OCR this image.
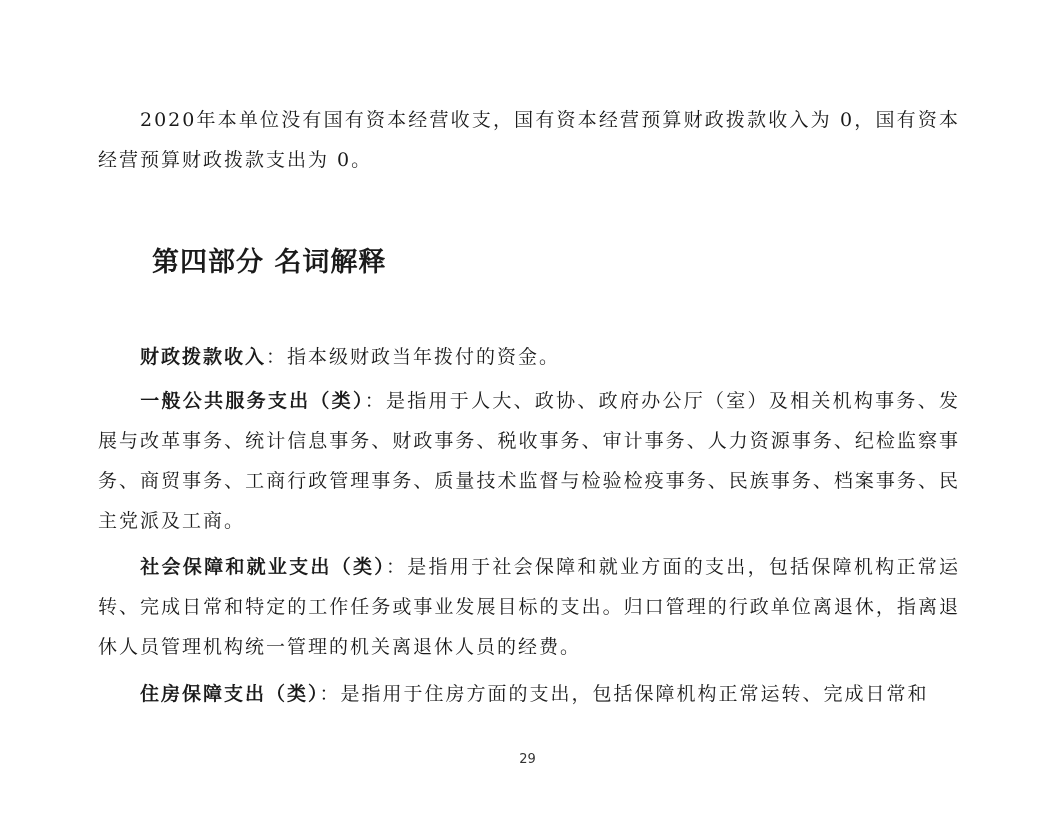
2020年本单位没有国有资本经营收支，国有资本经营预算财政拨款收入为 0，国有资本经营预算财政拨款支出为 0。

第四部分 名词解释

财政拨款收入：指本级财政当年拨付的资金。

一般公共服务支出（类）：是指用于人大、政协、政府办公厅（室）及相关机构事务、发展与改革事务、统计信息事务、财政事务、税收事务、审计事务、人力资源事务、纪检监察事务、商贸事务、工商行政管理事务、质量技术监督与检验检疫事务、民族事务、档案事务、民主党派及工商。

社会保障和就业支出（类）：是指用于社会保障和就业方面的支出，包括保障机构正常运转、完成日常和特定的工作任务或事业发展目标的支出。归口管理的行政单位离退休，指离退休人员管理机构统一管理的机关离退休人员的经费。

住房保障支出（类）：是指用于住房方面的支出，包括保障机构正常运转、完成日常和

29
